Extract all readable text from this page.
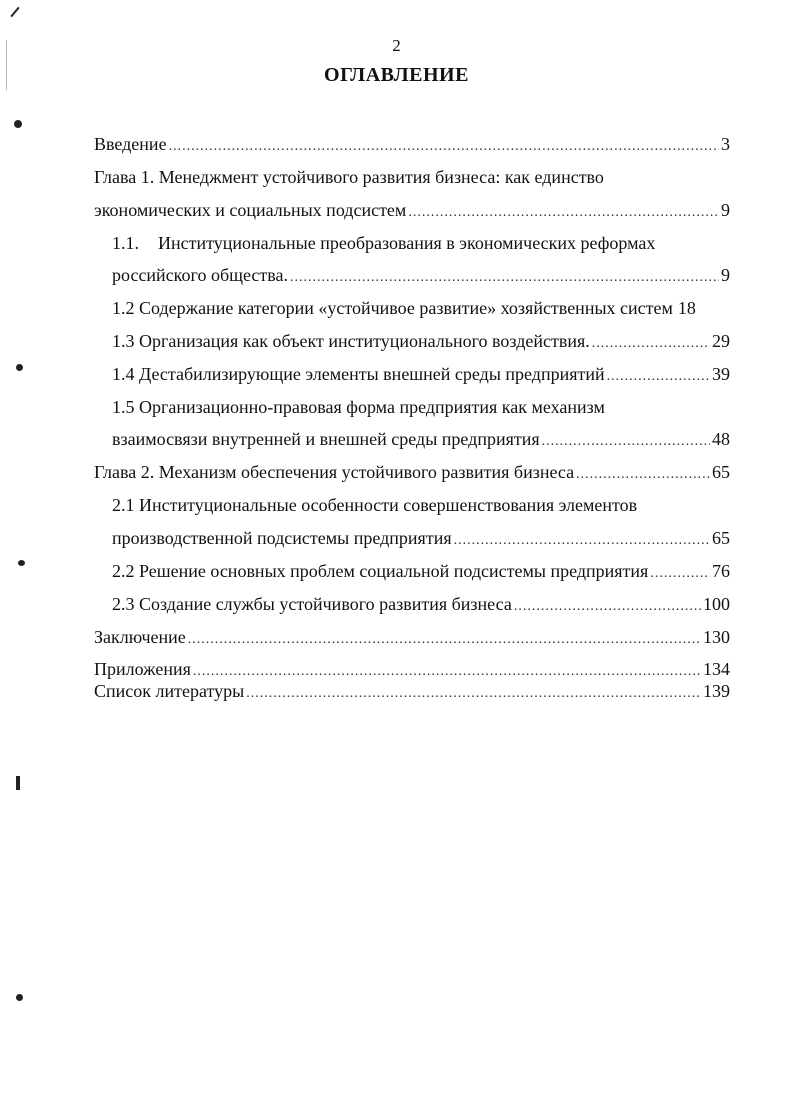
2
ОГЛАВЛЕНИЕ
Введение .....	3
Глава 1. Менеджмент устойчивого развития бизнеса: как единство
экономических и социальных подсистем .....	9
1.1. Институциональные преобразования в экономических реформах
российского общества. .....	9
1.2 Содержание категории «устойчивое развитие» хозяйственных систем 18
1.3 Организация как объект институционального воздействия. .....	29
1.4 Дестабилизирующие элементы внешней среды предприятий .....	39
1.5 Организационно-правовая форма предприятия как механизм
взаимосвязи внутренней и внешней среды предприятия .....	48
Глава 2. Механизм обеспечения устойчивого развития бизнеса .....	65
2.1 Институциональные особенности совершенствования элементов
производственной подсистемы предприятия .....	65
2.2 Решение основных проблем социальной подсистемы предприятия .....	76
2.3 Создание службы устойчивого развития бизнеса .....	100
Заключение .....	130
Приложения .....	134
Список литературы .....	139
